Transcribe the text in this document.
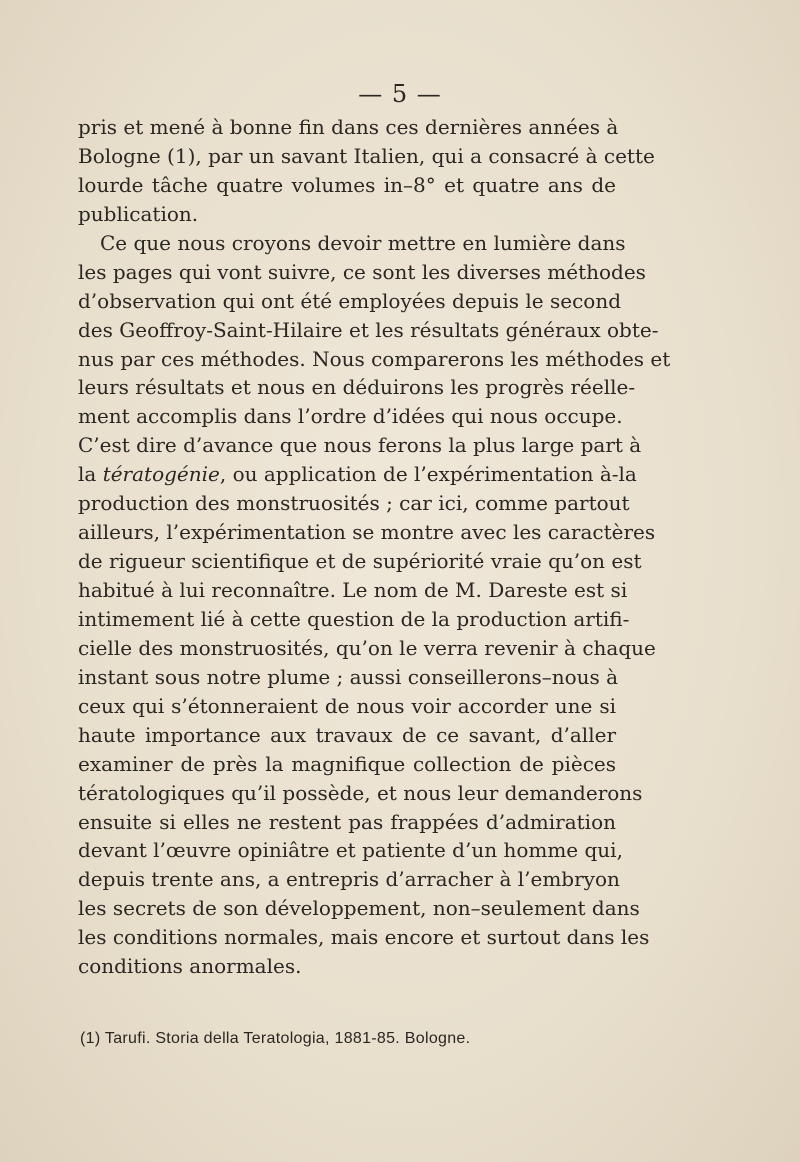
— 5 —
pris et mené à bonne fin dans ces dernières années à
Bologne (1), par un savant Italien, qui a consacré à cette
lourde tâche quatre volumes in–8° et quatre ans de
publication.
Ce que nous croyons devoir mettre en lumière dans
les pages qui vont suivre, ce sont les diverses méthodes
d’observation qui ont été employées depuis le second
des Geoffroy-Saint-Hilaire et les résultats généraux obte-
nus par ces méthodes. Nous comparerons les méthodes et
leurs résultats et nous en déduirons les progrès réelle-
ment accomplis dans l’ordre d’idées qui nous occupe.
C’est dire d’avance que nous ferons la plus large part à
la tératogénie, ou application de l’expérimentation à-la
production des monstruosités ; car ici, comme partout
ailleurs, l’expérimentation se montre avec les caractères
de rigueur scientifique et de supériorité vraie qu’on est
habitué à lui reconnaître. Le nom de M. Dareste est si
intimement lié à cette question de la production artifi-
cielle des monstruosités, qu’on le verra revenir à chaque
instant sous notre plume ; aussi conseillerons–nous à
ceux qui s’étonneraient de nous voir accorder une si
haute importance aux travaux de ce savant, d’aller
examiner de près la magnifique collection de pièces
tératologiques qu’il possède, et nous leur demanderons
ensuite si elles ne restent pas frappées d’admiration
devant l’œuvre opiniâtre et patiente d’un homme qui,
depuis trente ans, a entrepris d’arracher à l’embryon
les secrets de son développement, non–seulement dans
les conditions normales, mais encore et surtout dans les
conditions anormales.
(1) Tarufi. Storia della Teratologia, 1881-85. Bologne.
